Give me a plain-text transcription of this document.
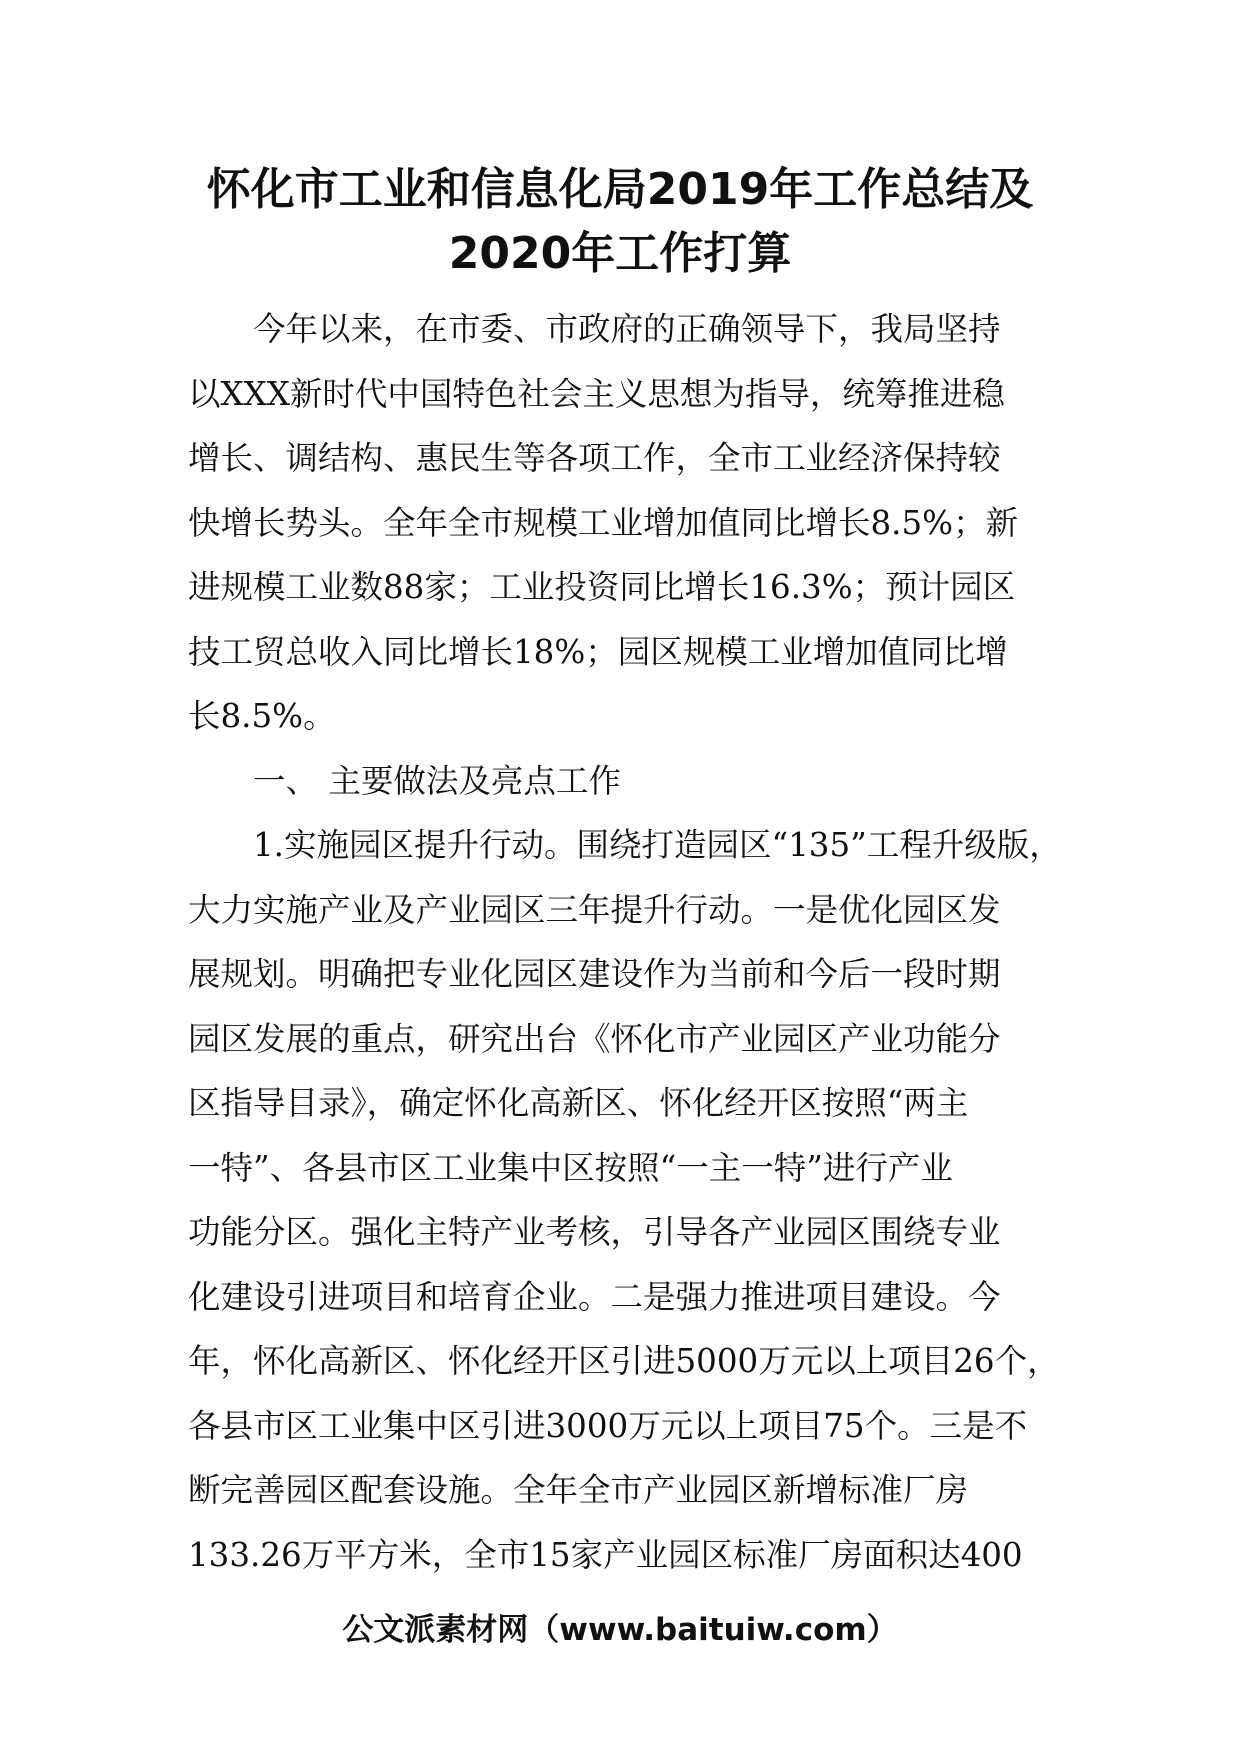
怀化市工业和信息化局2019年工作总结及
2020年工作打算
今年以来，在市委、市政府的正确领导下，我局坚持
以XXX新时代中国特色社会主义思想为指导，统筹推进稳
增长、调结构、惠民生等各项工作，全市工业经济保持较
快增长势头。全年全市规模工业增加值同比增长8.5%；新
进规模工业数88家；工业投资同比增长16.3%；预计园区
技工贸总收入同比增长18%；园区规模工业增加值同比增
长8.5%。
一、 主要做法及亮点工作
1.实施园区提升行动。围绕打造园区“135”工程升级版，
大力实施产业及产业园区三年提升行动。一是优化园区发
展规划。明确把专业化园区建设作为当前和今后一段时期
园区发展的重点，研究出台《怀化市产业园区产业功能分
区指导目录》，确定怀化高新区、怀化经开区按照“两主
一特”、各县市区工业集中区按照“一主一特”进行产业
功能分区。强化主特产业考核，引导各产业园区围绕专业
化建设引进项目和培育企业。二是强力推进项目建设。今
年，怀化高新区、怀化经开区引进5000万元以上项目26个，
各县市区工业集中区引进3000万元以上项目75个。三是不
断完善园区配套设施。全年全市产业园区新增标准厂房
133.26万平方米，全市15家产业园区标准厂房面积达400
公文派素材网（www.baituiw.com）
